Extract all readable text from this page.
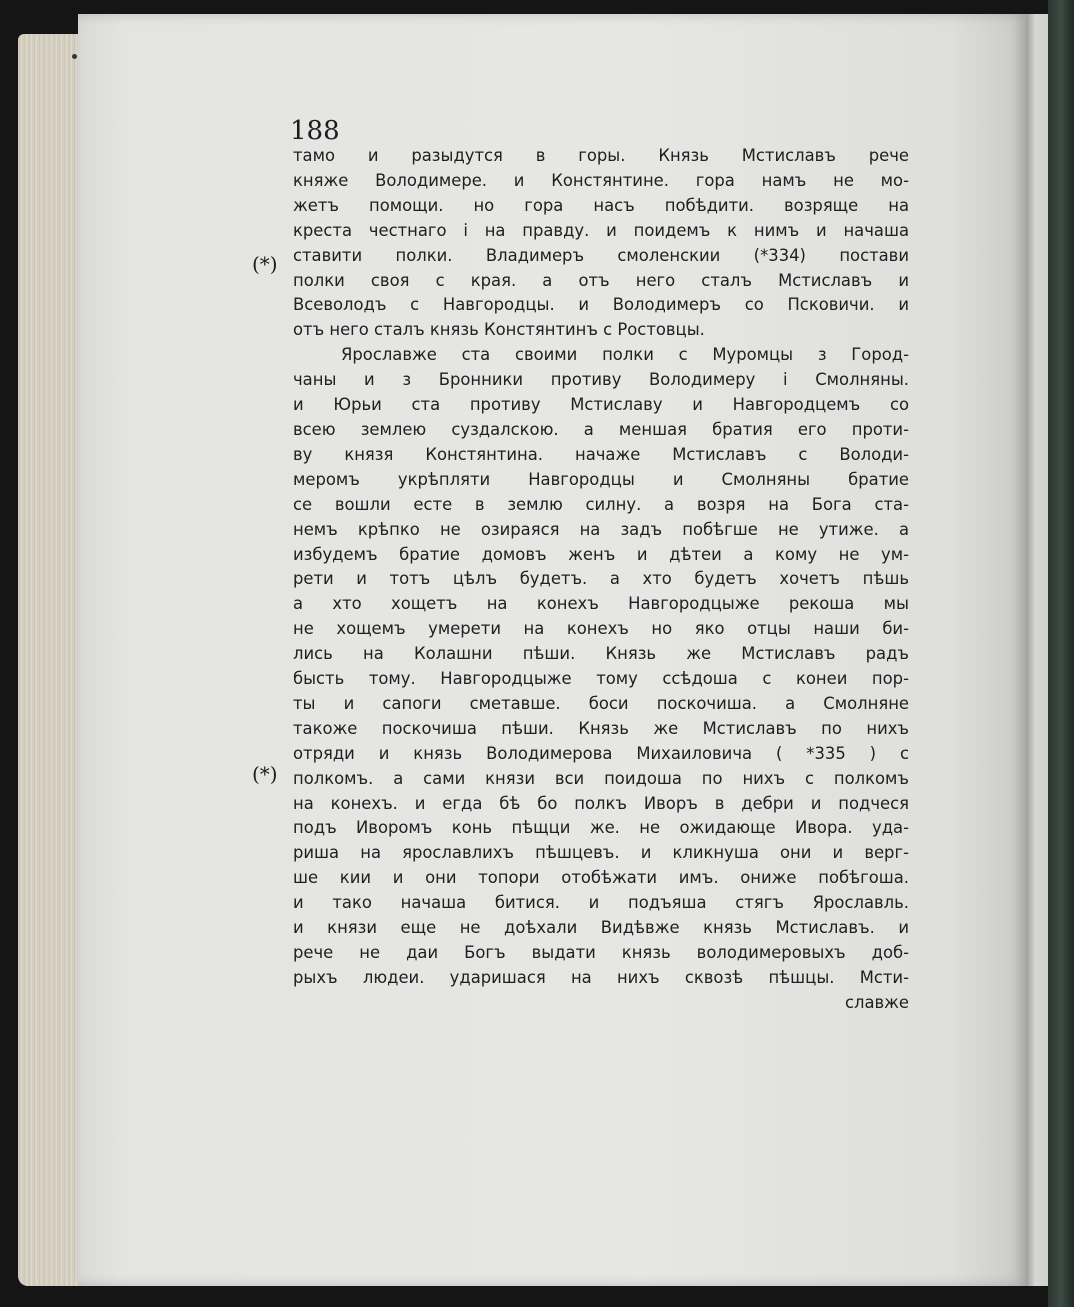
188
(*)
(*)
тамо и разыдутся в горы. Князь Мстиславъ рече
княже Володимере. и Констянтине. гора намъ не мо-
жетъ помощи. но гора насъ побѣдити. возряще на
креста честнаго і на правду. и поидемъ к нимъ и начаша
ставити полки. Владимеръ смоленскии (*334) постави
полки своя с края. а отъ него сталъ Мстиславъ и
Всеволодъ с Навгородцы. и Володимеръ со Псковичи. и
отъ него сталъ князь Констянтинъ с Ростовцы.
Ярославже ста своими полки с Муромцы з Город-
чаны и з Бронники противу Володимеру і Смолняны.
и Юрьи ста противу Мстиславу и Навгородцемъ со
всею землею суздалскою. а меншая братия его проти-
ву князя Констянтина. начаже Мстиславъ с Володи-
меромъ укрѣпляти Навгородцы и Смолняны братие
се вошли есте в землю силну. а возря на Бога ста-
немъ крѣпко не озираяся на задъ побѣгше не утиже. а
избудемъ братие домовъ женъ и дѣтеи а кому не ум-
рети и тотъ цѣлъ будетъ. а хто будетъ хочетъ пѣшь
а хто хощетъ на конехъ Навгородцыже рекоша мы
не хощемъ умерети на конехъ но яко отцы наши би-
лись на Колашни пѣши. Князь же Мстиславъ радъ
бысть тому. Навгородцыже тому ссѣдоша с конеи пор-
ты и сапоги сметавше. боси поскочиша. а Смолняне
такоже поскочиша пѣши. Князь же Мстиславъ по нихъ
отряди и князь Володимерова Михаиловича ( *335 ) с
полкомъ. а сами князи вси поидоша по нихъ с полкомъ
на конехъ. и егда бѣ бо полкъ Иворъ в дебри и подчеся
подъ Иворомъ конь пѣщци же. не ожидающе Ивора. уда-
риша на ярославлихъ пѣшцевъ. и кликнуша они и верг-
ше кии и они топори отобѣжати имъ. ониже побѣгоша.
и тако начаша битися. и подъяша стягъ Ярославль.
и князи еще не доѣхали Видѣвже князь Мстиславъ. и
рече не даи Богъ выдати князь володимеровыхъ доб-
рыхъ людеи. ударишася на нихъ сквозѣ пѣшцы. Мсти-
славже
